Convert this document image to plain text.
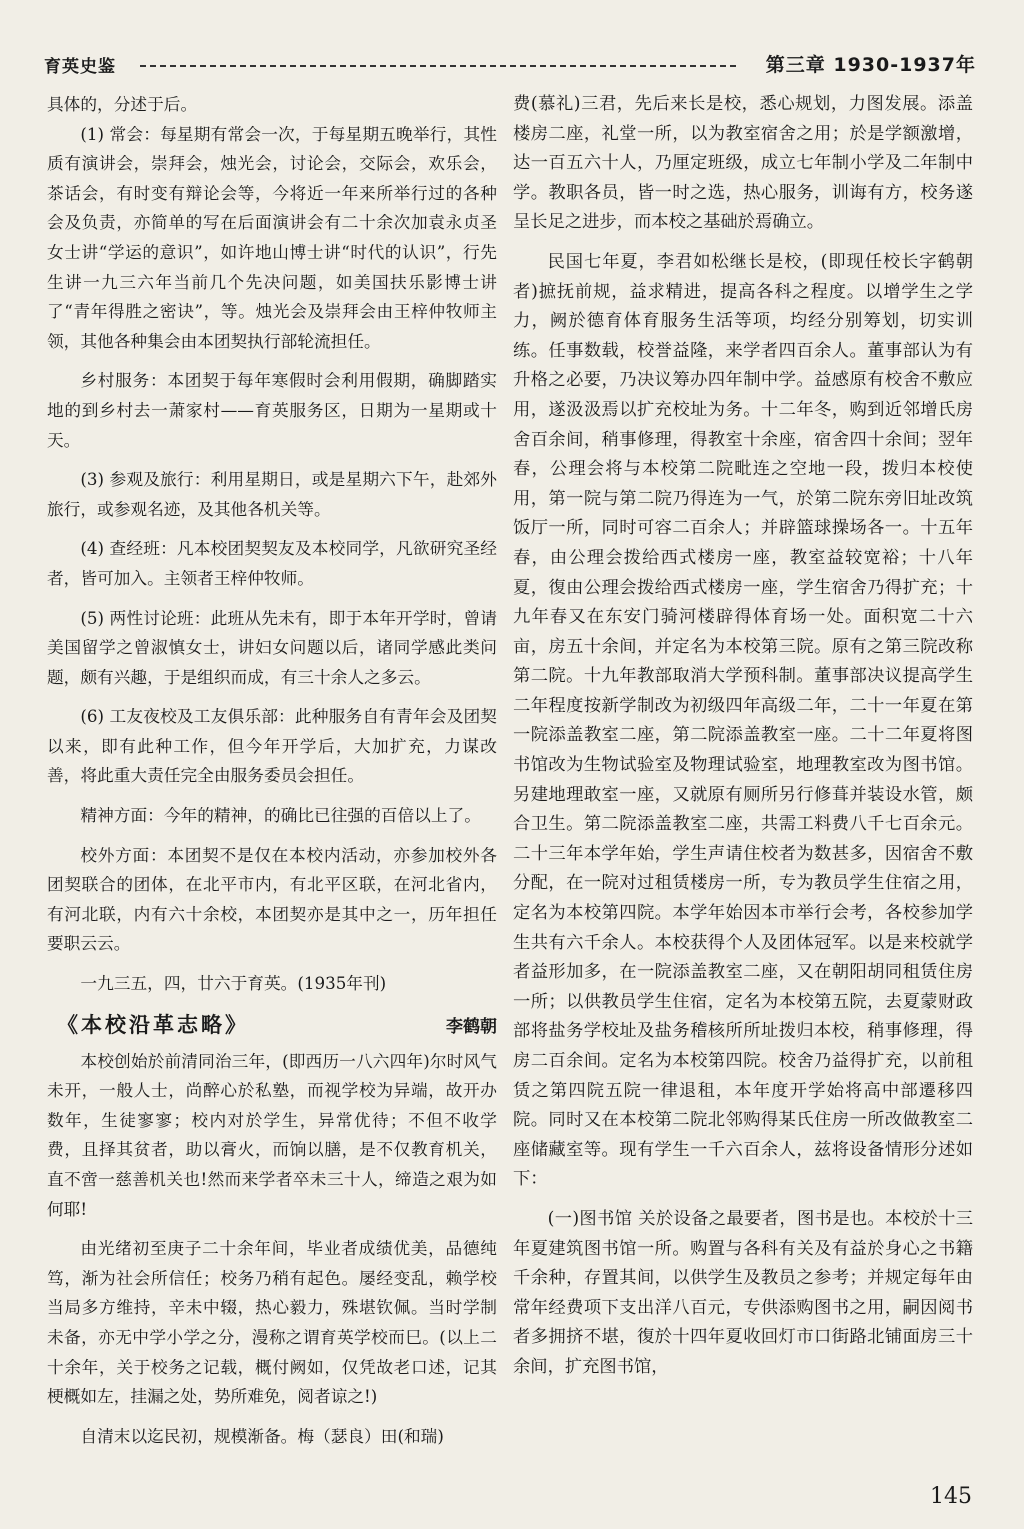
育英史鉴	第三章 1930-1937年

具体的，分述于后。

(1) 常会：每星期有常会一次，于每星期五晚举行，其性质有演讲会，崇拜会，烛光会，讨论会，交际会，欢乐会，茶话会，有时变有辩论会等，今将近一年来所举行过的各种会及负责，亦简单的写在后面演讲会有二十余次加袁永贞圣女士讲“学运的意识”，如许地山博士讲“时代的认识”，行先生讲一九三六年当前几个先决问题，如美国扶乐影博士讲了“青年得胜之密诀”，等。烛光会及崇拜会由王梓仲牧师主领，其他各种集会由本团契执行部轮流担任。

乡村服务：本团契于每年寒假时会利用假期，确脚踏实地的到乡村去一萧家村——育英服务区，日期为一星期或十天。

(3) 参观及旅行：利用星期日，或是星期六下午，赴郊外旅行，或参观名迹，及其他各机关等。

(4) 查经班：凡本校团契契友及本校同学，凡欲研究圣经者，皆可加入。主领者王梓仲牧师。

(5) 两性讨论班：此班从先未有，即于本年开学时，曾请美国留学之曾淑慎女士，讲妇女问题以后，诸同学感此类问题，颇有兴趣，于是组织而成，有三十余人之多云。

(6) 工友夜校及工友俱乐部：此种服务自有青年会及团契以来，即有此种工作，但今年开学后，大加扩充，力谋改善，将此重大责任完全由服务委员会担任。

精神方面：今年的精神，的确比已往强的百倍以上了。

校外方面：本团契不是仅在本校内活动，亦参加校外各团契联合的团体，在北平市内，有北平区联，在河北省内，有河北联，内有六十余校，本团契亦是其中之一，历年担任要职云云。

一九三五，四，廿六于育英。(1935年刊)

《本校沿革志略》	李鹤朝

本校创始於前清同治三年，(即西历一八六四年)尔时风气未开，一般人士，尚醉心於私塾，而视学校为异端，故开办数年，生徒寥寥；校内对於学生，异常优待；不但不收学费，且择其贫者，助以膏火，而饷以膳，是不仅教育机关，直不啻一慈善机关也!然而来学者卒未三十人，缔造之艰为如何耶!

由光绪初至庚子二十余年间，毕业者成绩优美，品德纯笃，渐为社会所信任；校务乃稍有起色。屡经变乱，赖学校当局多方维持，辛未中辍，热心毅力，殊堪钦佩。当时学制未备，亦无中学小学之分，漫称之谓育英学校而巳。(以上二十余年，关于校务之记载，概付阙如，仅凭故老口述，记其梗概如左，挂漏之处，势所难免，阅者谅之!)

自清末以迄民初，规模渐备。梅（瑟良）田(和瑞)

费(慕礼)三君，先后来长是校，悉心规划，力图发展。添盖楼房二座，礼堂一所，以为教室宿舍之用；於是学额激增，达一百五六十人，乃厘定班级，成立七年制小学及二年制中学。教职各员，皆一时之选，热心服务，训诲有方，校务遂呈长足之进步，而本校之基础於焉确立。

民国七年夏，李君如松继长是校，(即现任校长字鹤朝者)摭抚前规，益求精进，提高各科之程度。以增学生之学力，阙於德育体育服务生活等项，均经分别筹划，切实训练。任事数载，校誉益隆，来学者四百余人。董事部认为有升格之必要，乃决议筹办四年制中学。益感原有校舍不敷应用，遂汲汲焉以扩充校址为务。十二年冬，购到近邻增氏房舍百余间，稍事修理，得教室十余座，宿舍四十余间；翌年春，公理会将与本校第二院毗连之空地一段，拨归本校使用，第一院与第二院乃得连为一气，於第二院东旁旧址改筑饭厅一所，同时可容二百余人；并辟篮球操场各一。十五年春，由公理会拨给西式楼房一座，教室益较宽裕；十八年夏，復由公理会拨给西式楼房一座，学生宿舍乃得扩充；十九年春又在东安门骑河楼辟得体育场一处。面积宽二十六亩，房五十余间，并定名为本校第三院。原有之第三院改称第二院。十九年教部取消大学预科制。董事部决议提高学生二年程度按新学制改为初级四年高级二年，二十一年夏在第一院添盖教室二座，第二院添盖教室一座。二十二年夏将图书馆改为生物试验室及物理试验室，地理教室改为图书馆。另建地理敢室一座，又就原有厕所另行修葺并装设水管，颇合卫生。第二院添盖教室二座，共需工料费八千七百余元。二十三年本学年始，学生声请住校者为数甚多，因宿舍不敷分配，在一院对过租赁楼房一所，专为教员学生住宿之用，定名为本校第四院。本学年始因本市举行会考，各校参加学生共有六千余人。本校获得个人及团体冠军。以是来校就学者益形加多，在一院添盖教室二座，又在朝阳胡同租赁住房一所；以供教员学生住宿，定名为本校第五院，去夏蒙财政部将盐务学校址及盐务稽核所所址拨归本校，稍事修理，得房二百余间。定名为本校第四院。校舍乃益得扩充，以前租赁之第四院五院一律退租，本年度开学始将高中部遷移四院。同时又在本校第二院北邻购得某氏住房一所改做教室二座储藏室等。现有学生一千六百余人，兹将设备情形分述如下：

(一)图书馆 关於设备之最要者，图书是也。本校於十三年夏建筑图书馆一所。购置与各科有关及有益於身心之书籍千余种，存置其间，以供学生及教员之参考；并规定每年由常年经费项下支出洋八百元，专供添购图书之用，嗣因阅书者多拥挤不堪，復於十四年夏收回灯市口街路北铺面房三十余间，扩充图书馆，

145
